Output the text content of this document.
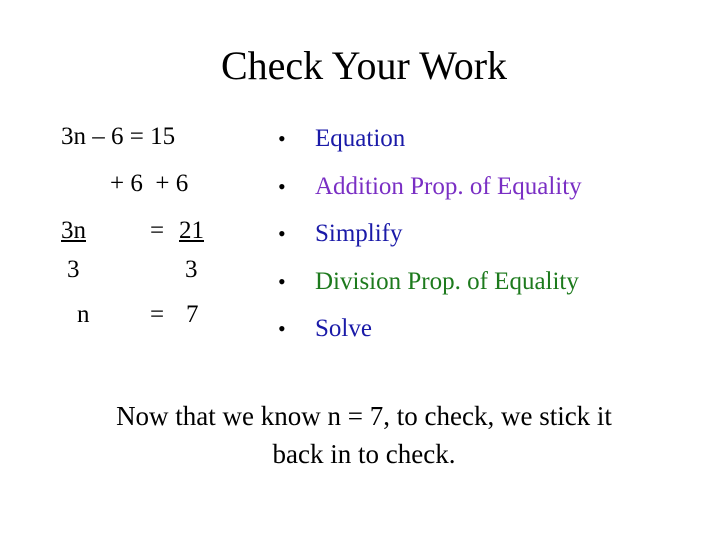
Check Your Work
3n – 6 = 15
+ 6  + 6
3n	= 21
3	3
n = 7
• Equation
• Addition Prop. of Equality
• Simplify
• Division Prop. of Equality
• Solve
Now that we know n = 7, to check, we stick it
back in to check.
